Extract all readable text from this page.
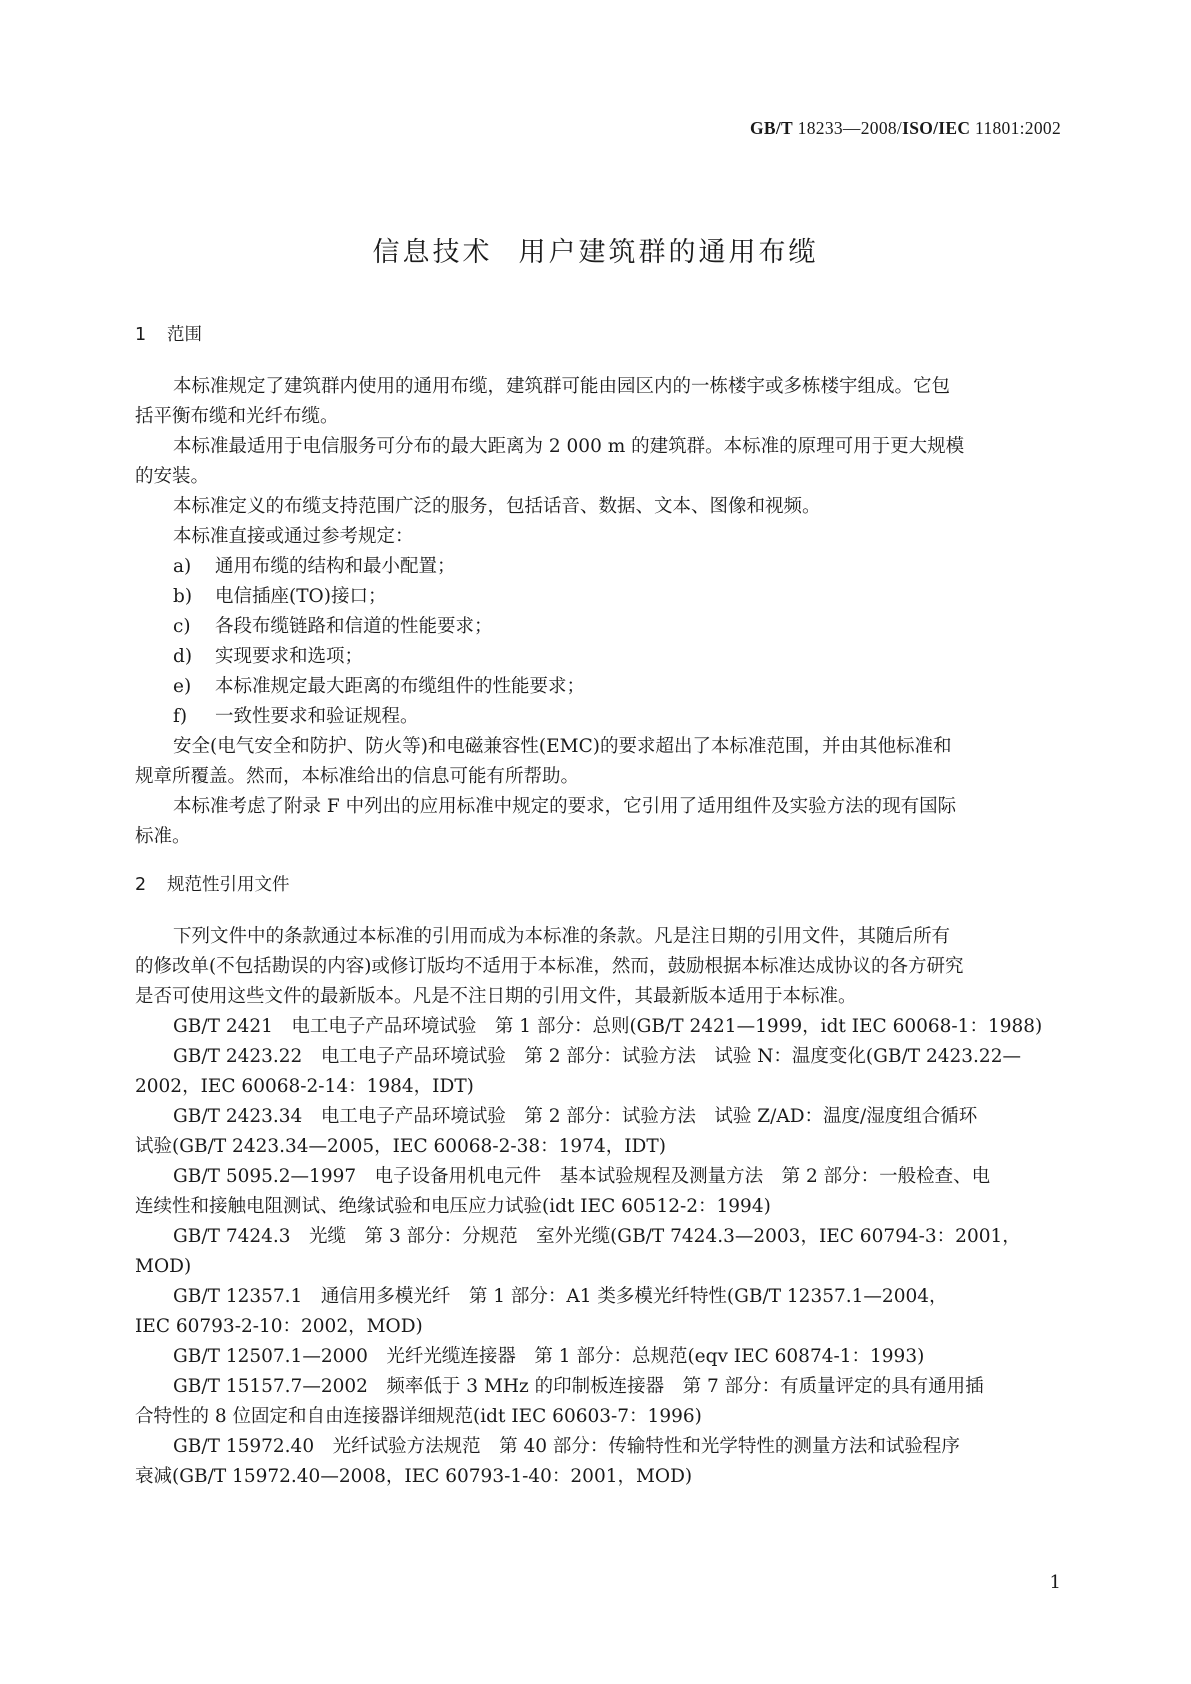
GB/T 18233—2008/ISO/IEC 11801:2002
信息技术 用户建筑群的通用布缆
1 范围
本标准规定了建筑群内使用的通用布缆，建筑群可能由园区内的一栋楼宇或多栋楼宇组成。它包
括平衡布缆和光纤布缆。
本标准最适用于电信服务可分布的最大距离为 2 000 m 的建筑群。本标准的原理可用于更大规模
的安装。
本标准定义的布缆支持范围广泛的服务，包括话音、数据、文本、图像和视频。
本标准直接或通过参考规定：
a) 通用布缆的结构和最小配置；
b) 电信插座(TO)接口；
c) 各段布缆链路和信道的性能要求；
d) 实现要求和选项；
e) 本标准规定最大距离的布缆组件的性能要求；
f) 一致性要求和验证规程。
安全(电气安全和防护、防火等)和电磁兼容性(EMC)的要求超出了本标准范围，并由其他标准和
规章所覆盖。然而，本标准给出的信息可能有所帮助。
本标准考虑了附录 F 中列出的应用标准中规定的要求，它引用了适用组件及实验方法的现有国际
标准。
2 规范性引用文件
下列文件中的条款通过本标准的引用而成为本标准的条款。凡是注日期的引用文件，其随后所有
的修改单(不包括勘误的内容)或修订版均不适用于本标准，然而，鼓励根据本标准达成协议的各方研究
是否可使用这些文件的最新版本。凡是不注日期的引用文件，其最新版本适用于本标准。
GB/T 2421　电工电子产品环境试验　第 1 部分：总则(GB/T 2421—1999，idt IEC 60068-1：1988)
GB/T 2423.22　电工电子产品环境试验　第 2 部分：试验方法　试验 N：温度变化(GB/T 2423.22—
2002，IEC 60068-2-14：1984，IDT)
GB/T 2423.34　电工电子产品环境试验　第 2 部分：试验方法　试验 Z/AD：温度/湿度组合循环
试验(GB/T 2423.34—2005，IEC 60068-2-38：1974，IDT)
GB/T 5095.2—1997　电子设备用机电元件　基本试验规程及测量方法　第 2 部分：一般检查、电
连续性和接触电阻测试、绝缘试验和电压应力试验(idt IEC 60512-2：1994)
GB/T 7424.3　光缆　第 3 部分：分规范　室外光缆(GB/T 7424.3—2003，IEC 60794-3：2001，
MOD)
GB/T 12357.1　通信用多模光纤　第 1 部分：A1 类多模光纤特性(GB/T 12357.1—2004，
IEC 60793-2-10：2002，MOD)
GB/T 12507.1—2000　光纤光缆连接器　第 1 部分：总规范(eqv IEC 60874-1：1993)
GB/T 15157.7—2002　频率低于 3 MHz 的印制板连接器　第 7 部分：有质量评定的具有通用插
合特性的 8 位固定和自由连接器详细规范(idt IEC 60603-7：1996)
GB/T 15972.40　光纤试验方法规范　第 40 部分：传输特性和光学特性的测量方法和试验程序
衰减(GB/T 15972.40—2008，IEC 60793-1-40：2001，MOD)
1
